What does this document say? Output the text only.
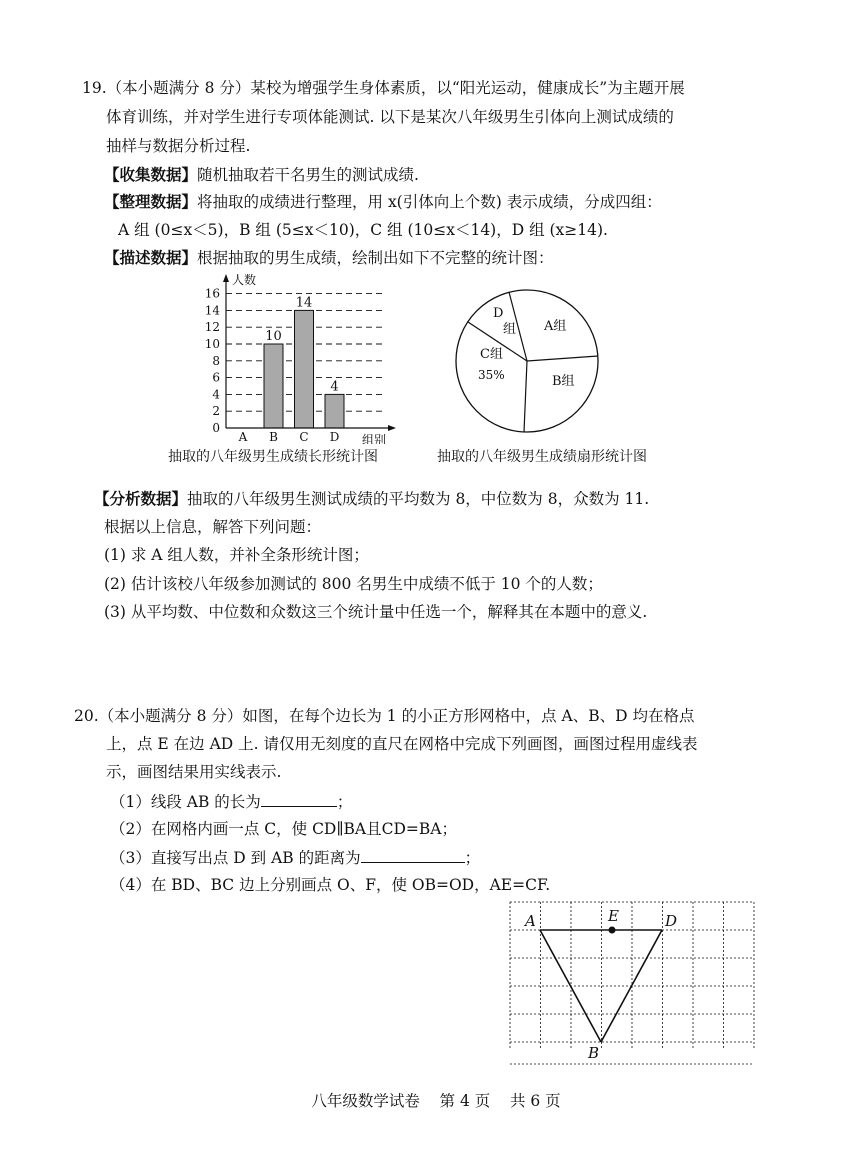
19.（本小题满分 8 分）某校为增强学生身体素质，以“阳光运动，健康成长”为主题开展
体育训练，并对学生进行专项体能测试. 以下是某次八年级男生引体向上测试成绩的
抽样与数据分析过程.
【收集数据】随机抽取若干名男生的测试成绩.
【整理数据】将抽取的成绩进行整理，用 x(引体向上个数) 表示成绩，分成四组：
A 组 (0≤x＜5)，B 组 (5≤x＜10)，C 组 (10≤x＜14)，D 组 (x≥14).
【描述数据】根据抽取的男生成绩，绘制出如下不完整的统计图：
0
2
4
6
8
10
12
14
16
A B C D
10
14
4
人数
组别
抽取的八年级男生成绩长形统计图
A组
B组
C组
35%
D
组
抽取的八年级男生成绩扇形统计图
【分析数据】抽取的八年级男生测试成绩的平均数为 8，中位数为 8，众数为 11.
根据以上信息，解答下列问题：
(1) 求 A 组人数，并补全条形统计图；
(2) 估计该校八年级参加测试的 800 名男生中成绩不低于 10 个的人数；
(3) 从平均数、中位数和众数这三个统计量中任选一个，解释其在本题中的意义.
20.（本小题满分 8 分）如图，在每个边长为 1 的小正方形网格中，点 A、B、D 均在格点
上，点 E 在边 AD 上. 请仅用无刻度的直尺在网格中完成下列画图，画图过程用虚线表
示，画图结果用实线表示.
（1）线段 AB 的长为	；
（2）在网格内画一点 C，使 CD∥BA且CD=BA；
（3）直接写出点 D 到 AB 的距离为	；
（4）在 BD、BC 边上分别画点 O、F，使 OB=OD，AE=CF.
A	E	D
B
八年级数学试卷    第 4 页    共 6 页
